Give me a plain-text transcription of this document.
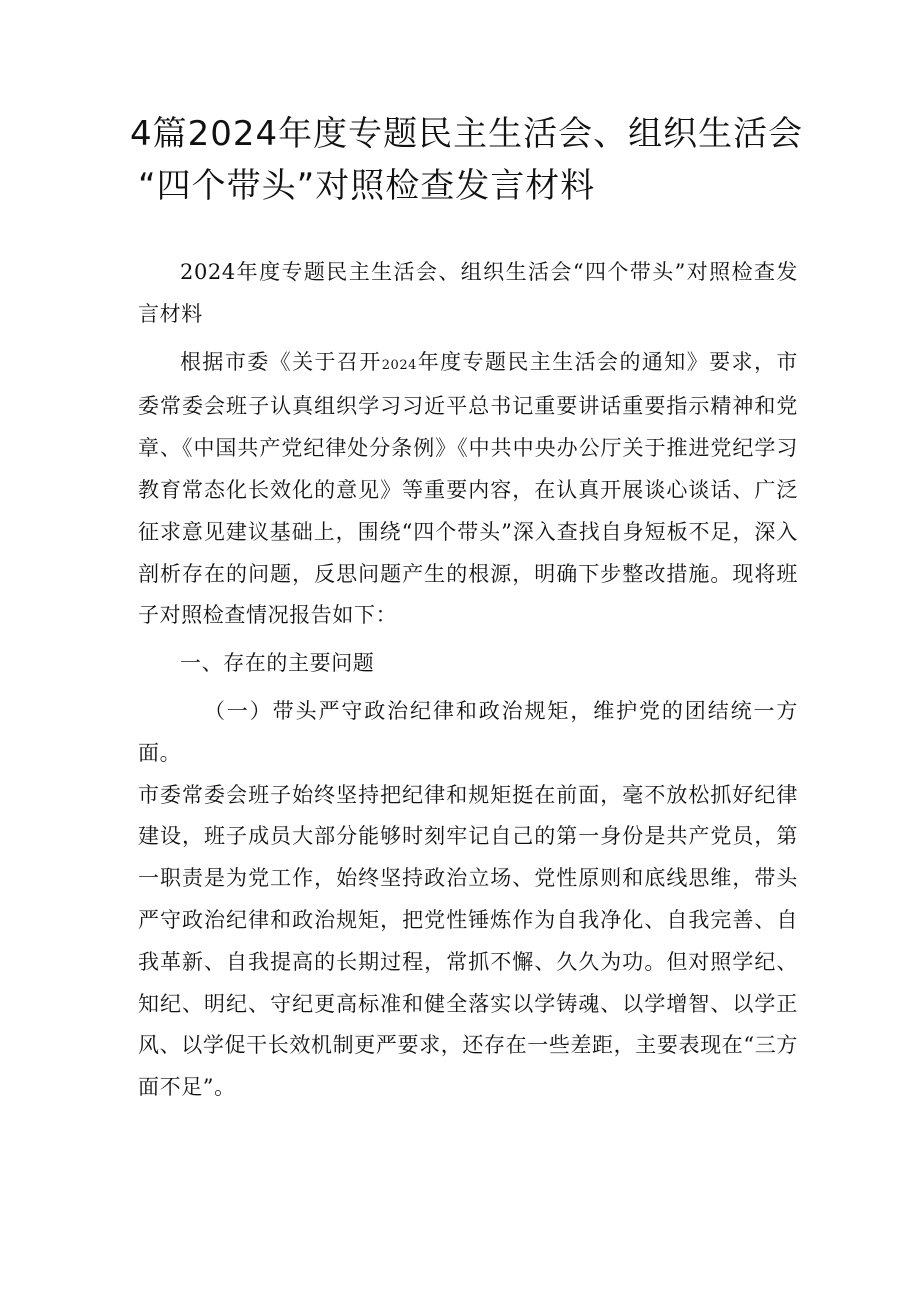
4篇2024年度专题民主生活会、组织生活会
“四个带头”对照检查发言材料

2024年度专题民主生活会、组织生活会“四个带头”对照检查发言材料

根据市委《关于召开2024年度专题民主生活会的通知》要求，市委常委会班子认真组织学习习近平总书记重要讲话重要指示精神和党章、《中国共产党纪律处分条例》《中共中央办公厅关于推进党纪学习教育常态化长效化的意见》等重要内容，在认真开展谈心谈话、广泛征求意见建议基础上，围绕“四个带头”深入查找自身短板不足，深入剖析存在的问题，反思问题产生的根源，明确下步整改措施。现将班子对照检查情况报告如下：

一、存在的主要问题

（一）带头严守政治纪律和政治规矩，维护党的团结统一方面。

市委常委会班子始终坚持把纪律和规矩挺在前面，毫不放松抓好纪律建设，班子成员大部分能够时刻牢记自己的第一身份是共产党员，第一职责是为党工作，始终坚持政治立场、党性原则和底线思维，带头严守政治纪律和政治规矩，把党性锤炼作为自我净化、自我完善、自我革新、自我提高的长期过程，常抓不懈、久久为功。但对照学纪、知纪、明纪、守纪更高标准和健全落实以学铸魂、以学增智、以学正风、以学促干长效机制更严要求，还存在一些差距，主要表现在“三方面不足”。
